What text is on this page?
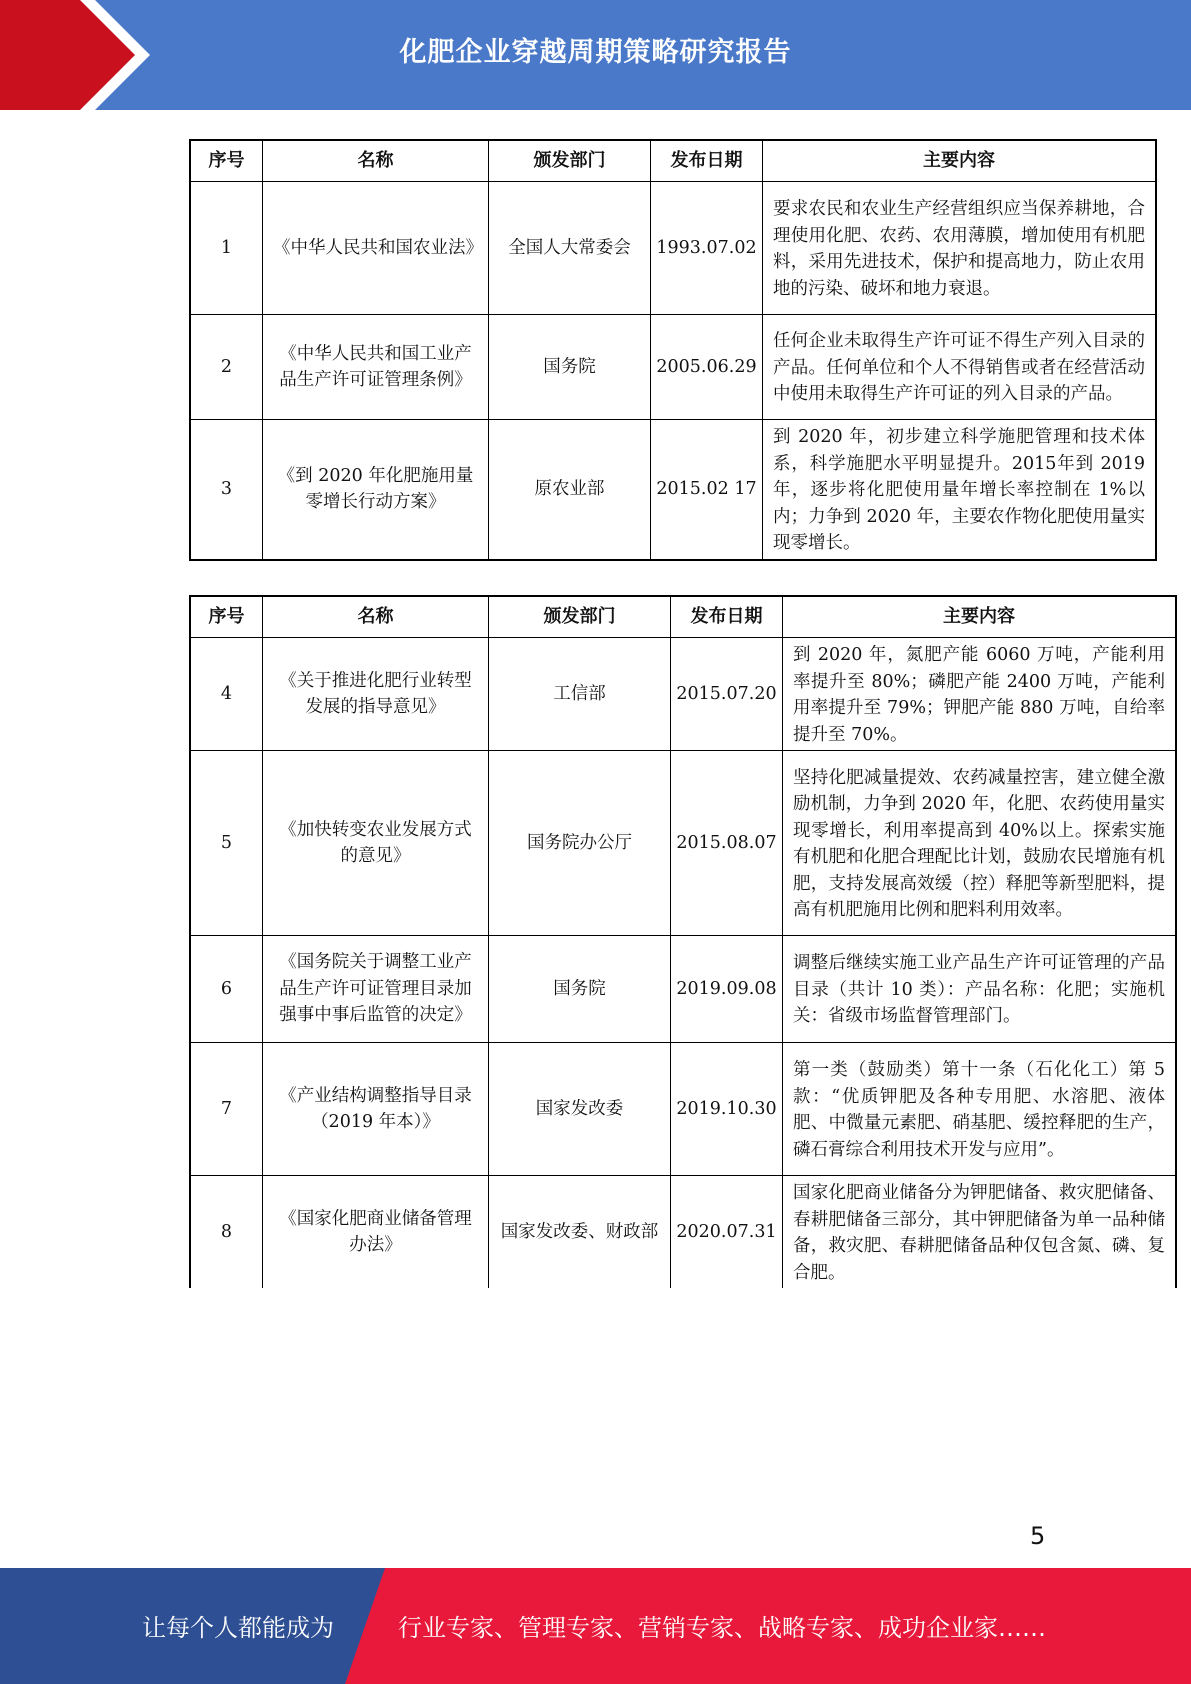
化肥企业穿越周期策略研究报告
序号	名称	颁发部门	发布日期	主要内容
1	《中华人民共和国农业法》	全国人大常委会	1993.07.02	要求农民和农业生产经营组织应当保养耕地，合理使用化肥、农药、农用薄膜，增加使用有机肥料，采用先进技术，保护和提高地力，防止农用地的污染、破坏和地力衰退。
2	《中华人民共和国工业产品生产许可证管理条例》	国务院	2005.06.29	任何企业未取得生产许可证不得生产列入目录的产品。任何单位和个人不得销售或者在经营活动中使用未取得生产许可证的列入目录的产品。
3	《到 2020 年化肥施用量零增长行动方案》	原农业部	2015.02 17	到 2020 年，初步建立科学施肥管理和技术体系，科学施肥水平明显提升。2015年到 2019 年，逐步将化肥使用量年增长率控制在 1%以内；力争到 2020 年，主要农作物化肥使用量实现零增长。
序号	名称	颁发部门	发布日期	主要内容
4	《关于推进化肥行业转型发展的指导意见》	工信部	2015.07.20	到 2020 年，氮肥产能 6060 万吨，产能利用率提升至 80%；磷肥产能 2400 万吨，产能利用率提升至 79%；钾肥产能 880 万吨，自给率提升至 70%。
5	《加快转变农业发展方式的意见》	国务院办公厅	2015.08.07	坚持化肥减量提效、农药减量控害，建立健全激励机制，力争到 2020 年，化肥、农药使用量实现零增长，利用率提高到 40%以上。探索实施有机肥和化肥合理配比计划，鼓励农民增施有机肥，支持发展高效缓（控）释肥等新型肥料，提高有机肥施用比例和肥料利用效率。
6	《国务院关于调整工业产品生产许可证管理目录加强事中事后监管的决定》	国务院	2019.09.08	调整后继续实施工业产品生产许可证管理的产品目录（共计 10 类）：产品名称：化肥；实施机关：省级市场监督管理部门。
7	《产业结构调整指导目录（2019 年本）》	国家发改委	2019.10.30	第一类（鼓励类）第十一条（石化化工）第 5 款：“优质钾肥及各种专用肥、水溶肥、液体肥、中微量元素肥、硝基肥、缓控释肥的生产，磷石膏综合利用技术开发与应用”。
8	《国家化肥商业储备管理办法》	国家发改委、财政部	2020.07.31	国家化肥商业储备分为钾肥储备、救灾肥储备、春耕肥储备三部分，其中钾肥储备为单一品种储备，救灾肥、春耕肥储备品种仅包含氮、磷、复合肥。
5
让每个人都能成为	行业专家、管理专家、营销专家、战略专家、成功企业家……
